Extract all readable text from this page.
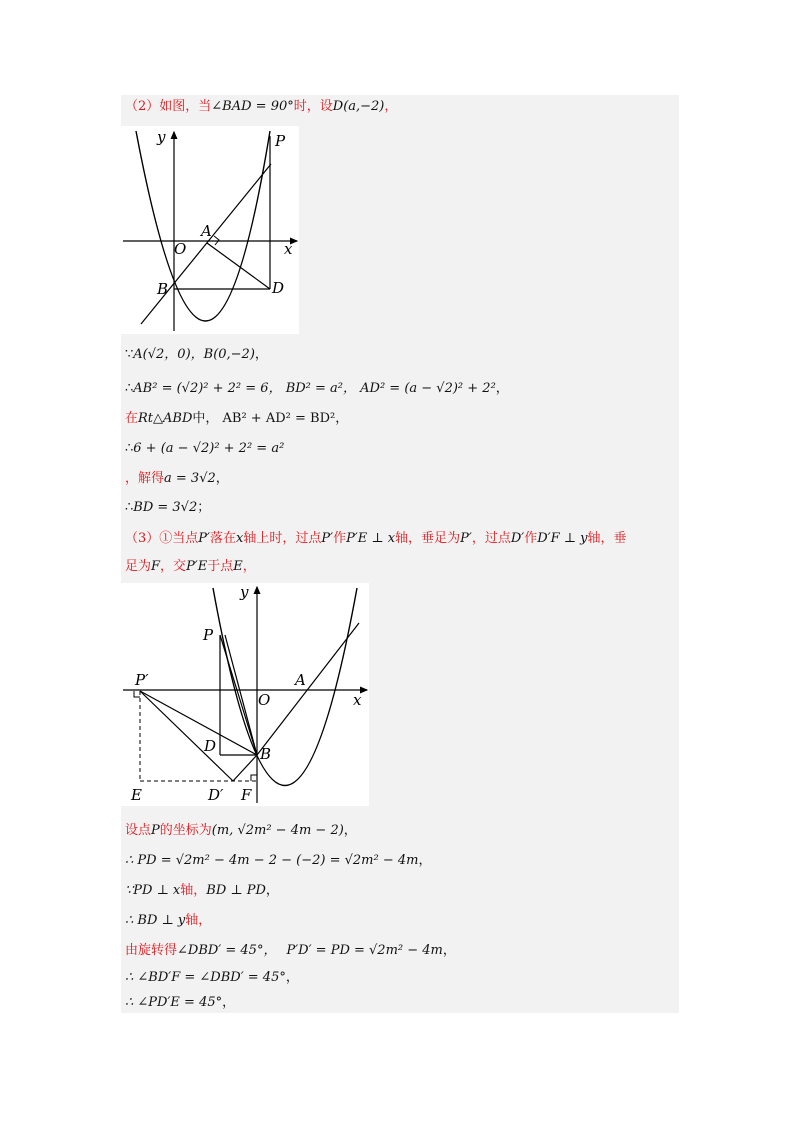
（2）如图，当∠BAD = 90°时，设D(a,−2)，
y	P
A
O	x
B	D
∵A(√2，0)，B(0,−2)，
∴AB² = (√2)² + 2² = 6， BD² = a²， AD² = (a − √2)² + 2²，
在Rt△ABD中， AB² + AD² = BD²，
∴6 + (a − √2)² + 2² = a²
，解得a = 3√2，
∴BD = 3√2；
（3）①当点P′落在x轴上时，过点P′作P′E ⊥ x轴，垂足为P′，过点D′作D′F ⊥ y轴，垂
足为F，交P′E于点E，
y
P
P′	A
O	x
D	B
E	D′ F
设点P的坐标为(m, √2m² − 4m − 2)，
∴ PD = √2m² − 4m − 2 − (−2) = √2m² − 4m，
∵PD ⊥ x轴，BD ⊥ PD，
∴ BD ⊥ y轴，
由旋转得∠DBD′ = 45°， P′D′ = PD = √2m² − 4m，
∴ ∠BD′F = ∠DBD′ = 45°，
∴ ∠PD′E = 45°，
